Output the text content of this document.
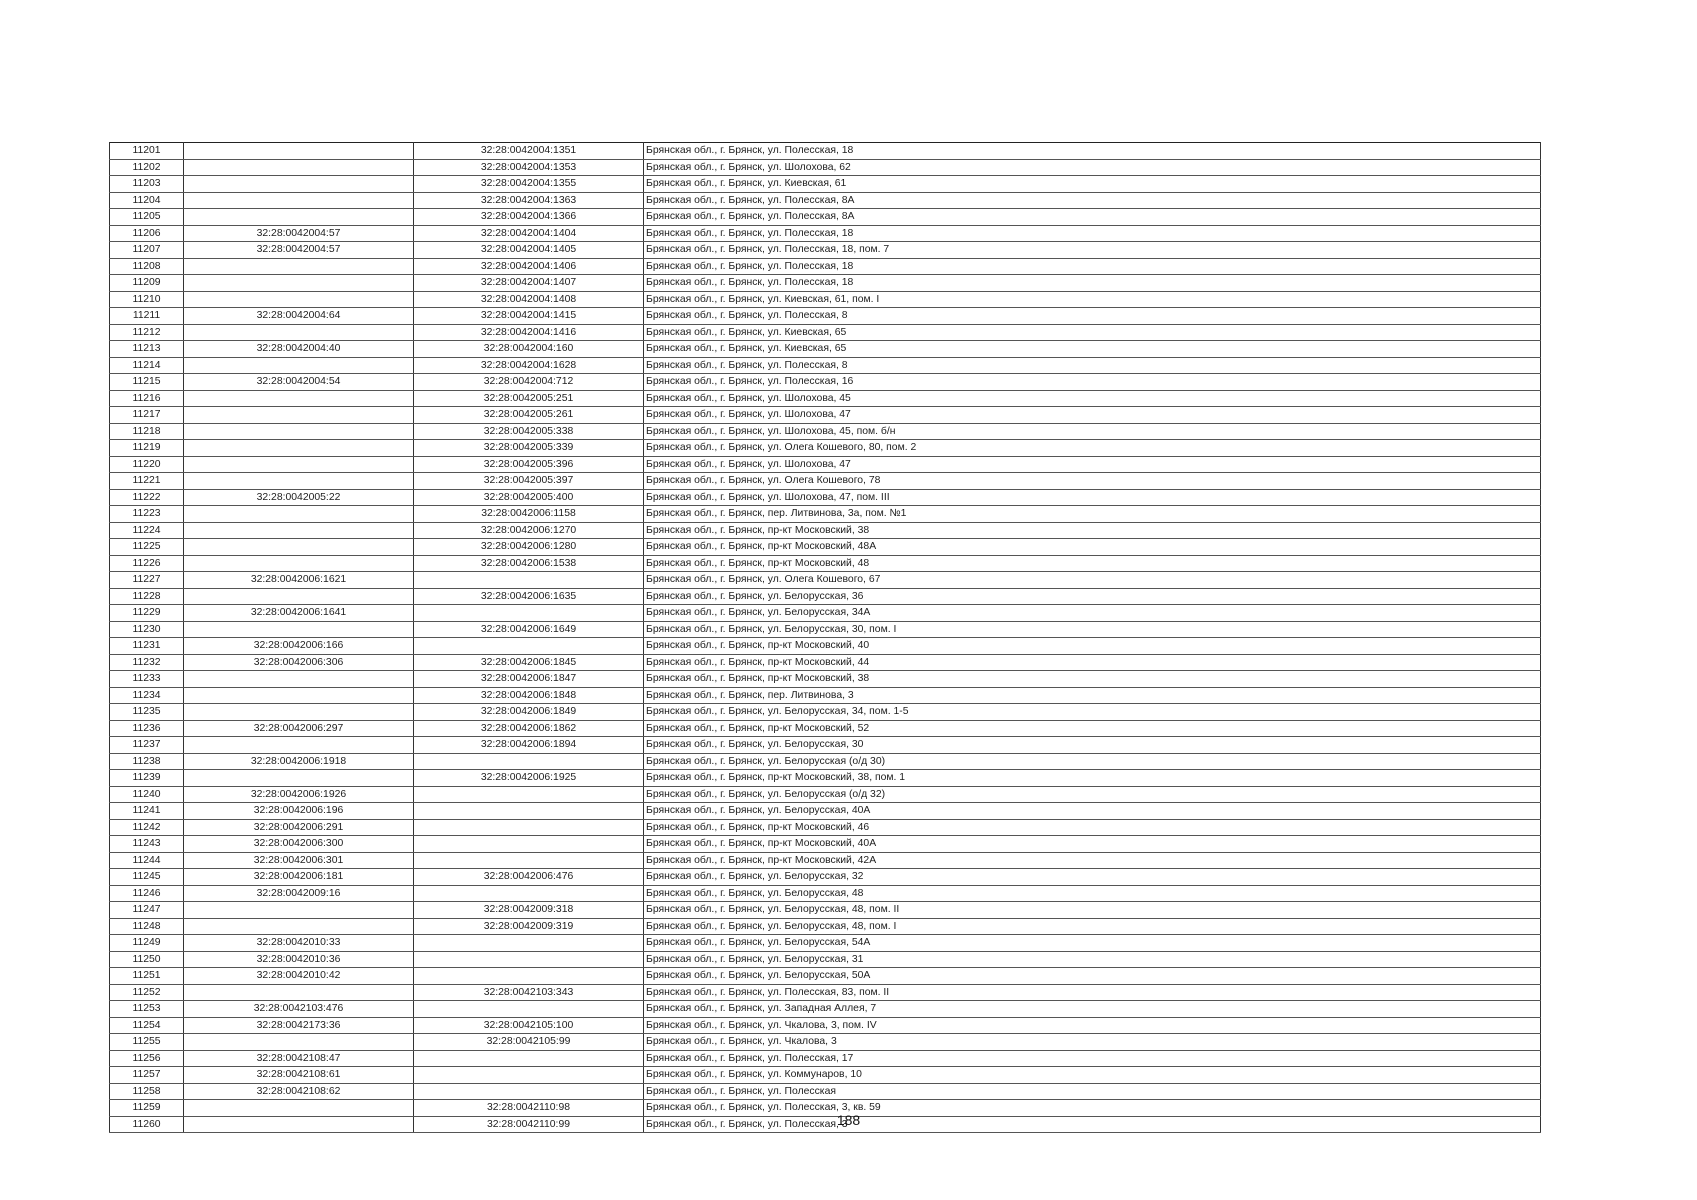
11201		32:28:0042004:1351	Брянская обл., г. Брянск, ул. Полесская, 18
11202		32:28:0042004:1353	Брянская обл., г. Брянск, ул. Шолохова, 62
11203		32:28:0042004:1355	Брянская обл., г. Брянск, ул. Киевская, 61
11204		32:28:0042004:1363	Брянская обл., г. Брянск, ул. Полесская, 8А
11205		32:28:0042004:1366	Брянская обл., г. Брянск, ул. Полесская, 8А
11206	32:28:0042004:57	32:28:0042004:1404	Брянская обл., г. Брянск, ул. Полесская, 18
11207	32:28:0042004:57	32:28:0042004:1405	Брянская обл., г. Брянск, ул. Полесская, 18, пом. 7
11208		32:28:0042004:1406	Брянская обл., г. Брянск, ул. Полесская, 18
11209		32:28:0042004:1407	Брянская обл., г. Брянск, ул. Полесская, 18
11210		32:28:0042004:1408	Брянская обл., г. Брянск, ул. Киевская, 61, пом. I
11211	32:28:0042004:64	32:28:0042004:1415	Брянская обл., г. Брянск, ул. Полесская, 8
11212		32:28:0042004:1416	Брянская обл., г. Брянск, ул. Киевская, 65
11213	32:28:0042004:40	32:28:0042004:160	Брянская обл., г. Брянск, ул. Киевская, 65
11214		32:28:0042004:1628	Брянская обл., г. Брянск, ул. Полесская, 8
11215	32:28:0042004:54	32:28:0042004:712	Брянская обл., г. Брянск, ул. Полесская, 16
11216		32:28:0042005:251	Брянская обл., г. Брянск, ул. Шолохова, 45
11217		32:28:0042005:261	Брянская обл., г. Брянск, ул. Шолохова, 47
11218		32:28:0042005:338	Брянская обл., г. Брянск, ул. Шолохова, 45, пом. б/н
11219		32:28:0042005:339	Брянская обл., г. Брянск, ул. Олега Кошевого, 80, пом. 2
11220		32:28:0042005:396	Брянская обл., г. Брянск, ул. Шолохова, 47
11221		32:28:0042005:397	Брянская обл., г. Брянск, ул. Олега Кошевого, 78
11222	32:28:0042005:22	32:28:0042005:400	Брянская обл., г. Брянск, ул. Шолохова, 47, пом. III
11223		32:28:0042006:1158	Брянская обл., г. Брянск, пер. Литвинова, 3а, пом. №1
11224		32:28:0042006:1270	Брянская обл., г. Брянск, пр-кт Московский, 38
11225		32:28:0042006:1280	Брянская обл., г. Брянск, пр-кт Московский, 48А
11226		32:28:0042006:1538	Брянская обл., г. Брянск, пр-кт Московский, 48
11227	32:28:0042006:1621		Брянская обл., г. Брянск, ул. Олега Кошевого, 67
11228		32:28:0042006:1635	Брянская обл., г. Брянск, ул. Белорусская, 36
11229	32:28:0042006:1641		Брянская обл., г. Брянск, ул. Белорусская, 34А
11230		32:28:0042006:1649	Брянская обл., г. Брянск, ул. Белорусская, 30, пом. I
11231	32:28:0042006:166		Брянская обл., г. Брянск, пр-кт Московский, 40
11232	32:28:0042006:306	32:28:0042006:1845	Брянская обл., г. Брянск, пр-кт Московский, 44
11233		32:28:0042006:1847	Брянская обл., г. Брянск, пр-кт Московский, 38
11234		32:28:0042006:1848	Брянская обл., г. Брянск, пер. Литвинова, 3
11235		32:28:0042006:1849	Брянская обл., г. Брянск, ул. Белорусская, 34, пом. 1-5
11236	32:28:0042006:297	32:28:0042006:1862	Брянская обл., г. Брянск, пр-кт Московский, 52
11237		32:28:0042006:1894	Брянская обл., г. Брянск, ул. Белорусская, 30
11238	32:28:0042006:1918		Брянская обл., г. Брянск, ул. Белорусская (о/д 30)
11239		32:28:0042006:1925	Брянская обл., г. Брянск, пр-кт Московский, 38, пом. 1
11240	32:28:0042006:1926		Брянская обл., г. Брянск, ул. Белорусская (о/д 32)
11241	32:28:0042006:196		Брянская обл., г. Брянск, ул. Белорусская, 40А
11242	32:28:0042006:291		Брянская обл., г. Брянск, пр-кт Московский, 46
11243	32:28:0042006:300		Брянская обл., г. Брянск, пр-кт Московский, 40А
11244	32:28:0042006:301		Брянская обл., г. Брянск, пр-кт Московский, 42А
11245	32:28:0042006:181	32:28:0042006:476	Брянская обл., г. Брянск, ул. Белорусская, 32
11246	32:28:0042009:16		Брянская обл., г. Брянск, ул. Белорусская, 48
11247		32:28:0042009:318	Брянская обл., г. Брянск, ул. Белорусская, 48, пом. II
11248		32:28:0042009:319	Брянская обл., г. Брянск, ул. Белорусская, 48, пом. I
11249	32:28:0042010:33		Брянская обл., г. Брянск, ул. Белорусская, 54А
11250	32:28:0042010:36		Брянская обл., г. Брянск, ул. Белорусская, 31
11251	32:28:0042010:42		Брянская обл., г. Брянск, ул. Белорусская, 50А
11252		32:28:0042103:343	Брянская обл., г. Брянск, ул. Полесская, 83, пом. II
11253	32:28:0042103:476		Брянская обл., г. Брянск, ул. Западная Аллея, 7
11254	32:28:0042173:36	32:28:0042105:100	Брянская обл., г. Брянск, ул. Чкалова, 3, пом. IV
11255		32:28:0042105:99	Брянская обл., г. Брянск, ул. Чкалова, 3
11256	32:28:0042108:47		Брянская обл., г. Брянск, ул. Полесская, 17
11257	32:28:0042108:61		Брянская обл., г. Брянск, ул. Коммунаров, 10
11258	32:28:0042108:62		Брянская обл., г. Брянск, ул. Полесская
11259		32:28:0042110:98	Брянская обл., г. Брянск, ул. Полесская, 3, кв. 59
11260		32:28:0042110:99	Брянская обл., г. Брянск, ул. Полесская, 3
188
